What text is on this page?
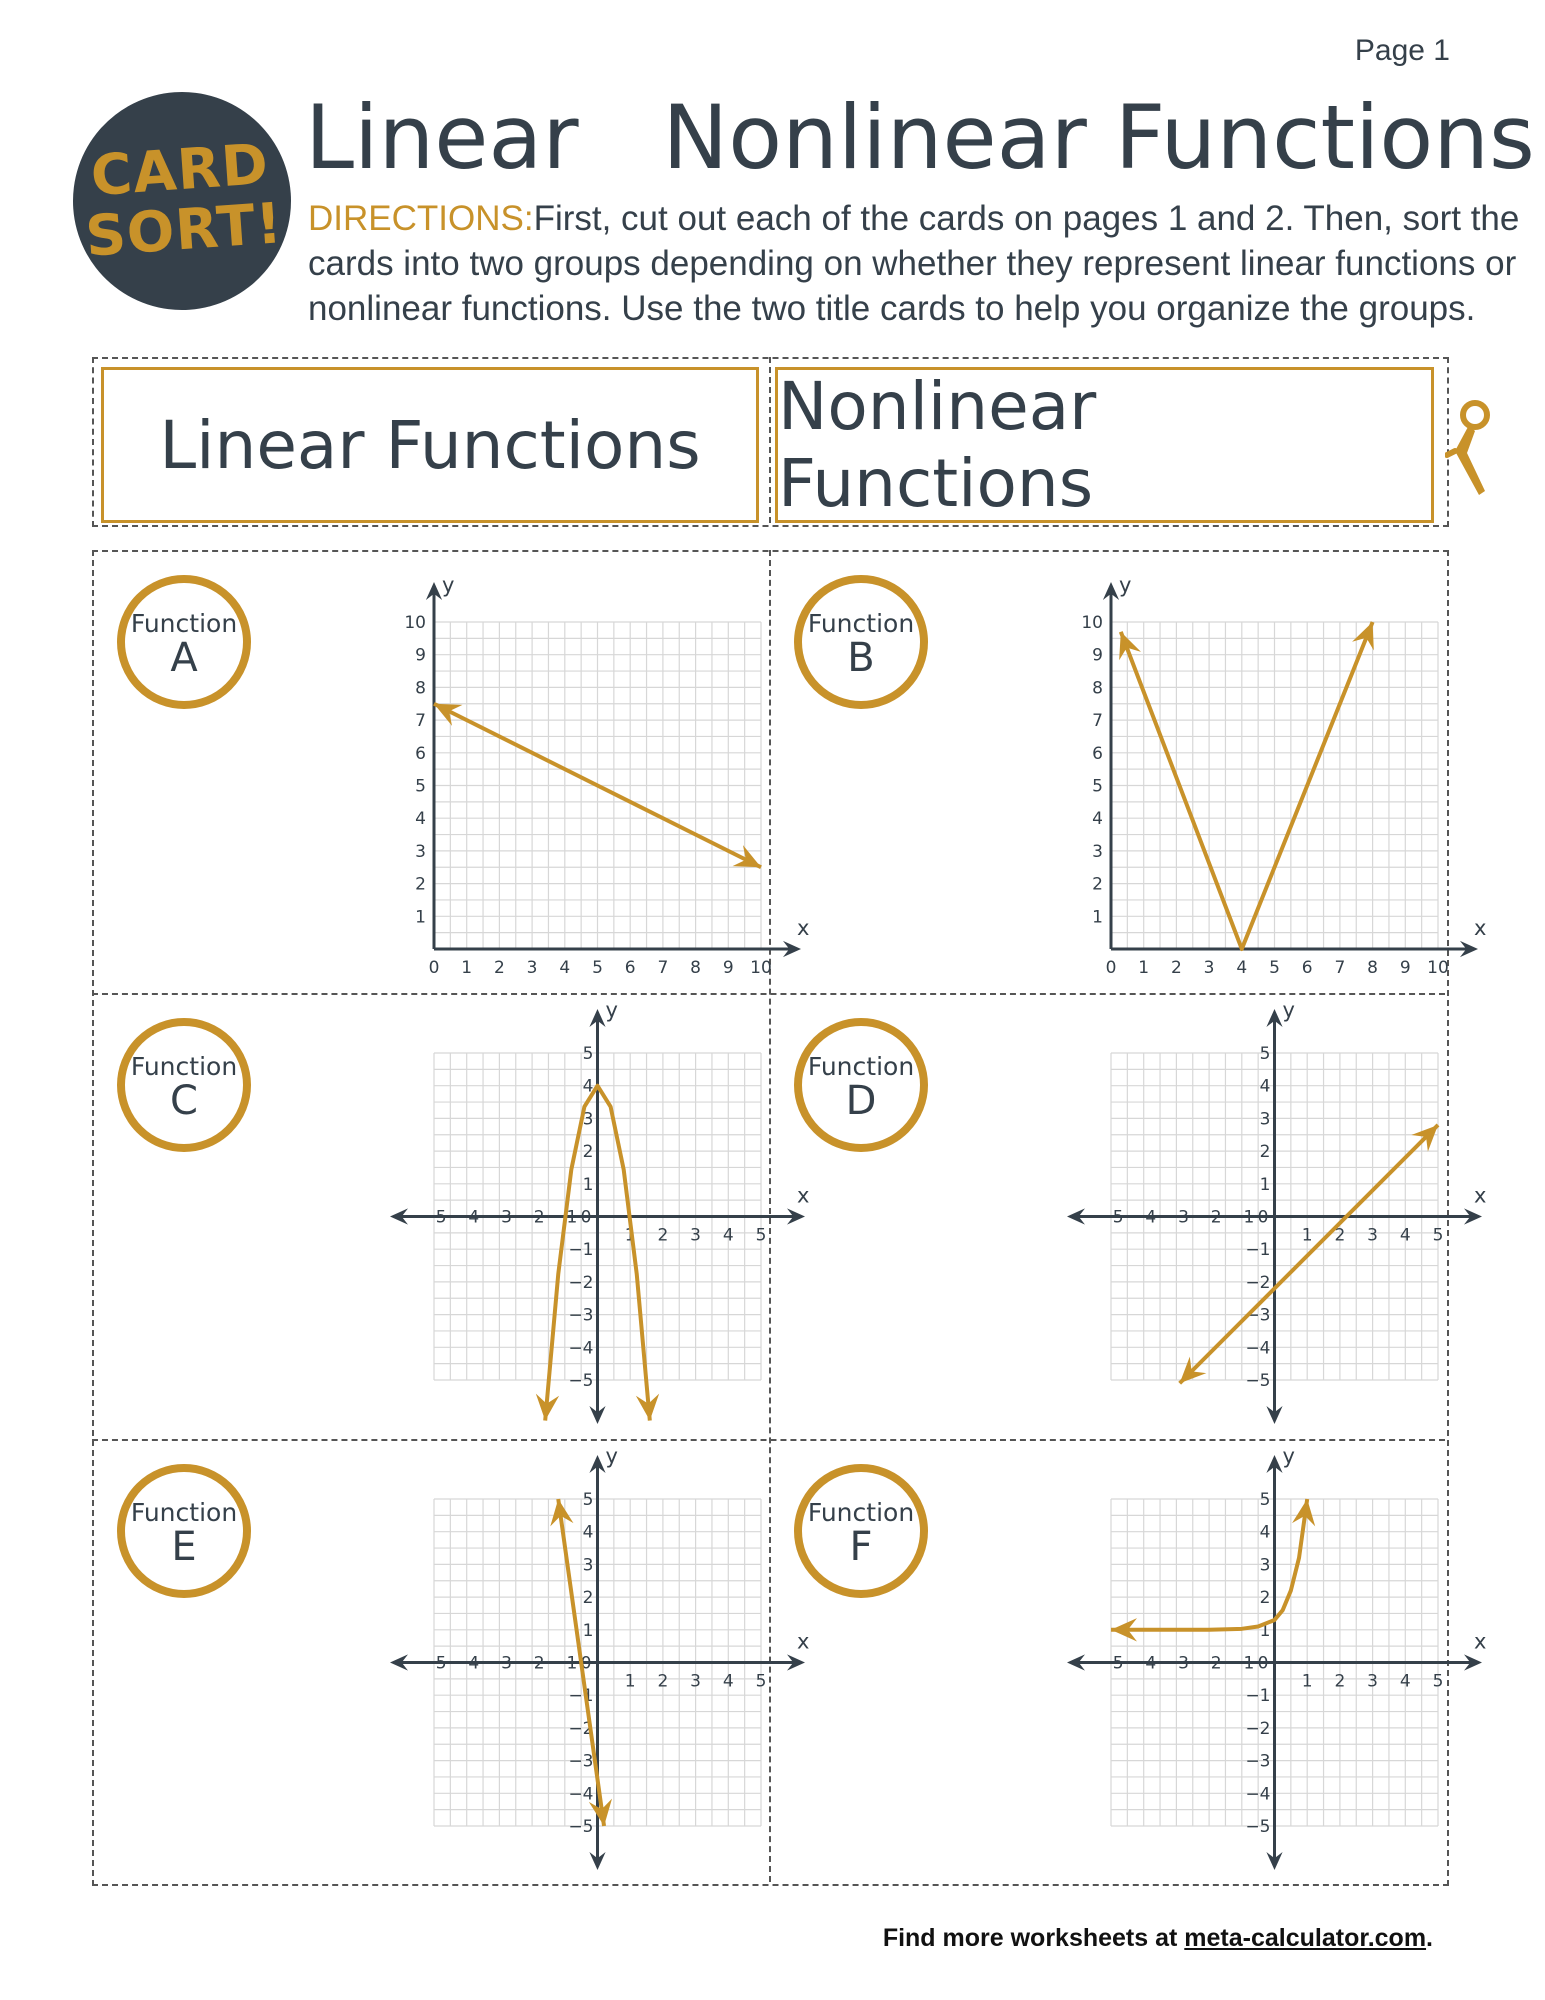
Page 1
CARD
SORT!
Linear   Nonlinear Functions
DIRECTIONS:First, cut out each of the cards on pages 1 and 2. Then, sort the cards into two groups depending on whether they represent linear functions or nonlinear functions. Use the two title cards to help you organize the groups.
Linear Functions	Nonlinear Functions
Function
A
0 1 2 3 4 5 6 7 8 9 10
1
2
3
4
5
6
7
8
9
10
x
y
Function
B
0 1 2 3 4 5 6 7 8 9 10
1
2
3
4
5
6
7
8
9
10
x
y
Function
C
−5 −4 −3 −2 −1
1 2 3 4 5
0
−5
−4
−3
−2
−1
1
2
3
4
5
x
y
Function
D
−5 −4 −3 −2 −1
1 2 3 4 5
0
−5
−4
−3
−2
−1
1
2
3
4
5
x
y
Function
E
−5 −4 −3 −2 −1
1 2 3 4 5
0
−5
−4
−3
−2
−1
1
2
3
4
5
x
y
Function
F
−5 −4 −3 −2 −1
1 2 3 4 5
0
−5
−4
−3
−2
−1
1
2
3
4
5
x
y
Find more worksheets at meta-calculator.com.
